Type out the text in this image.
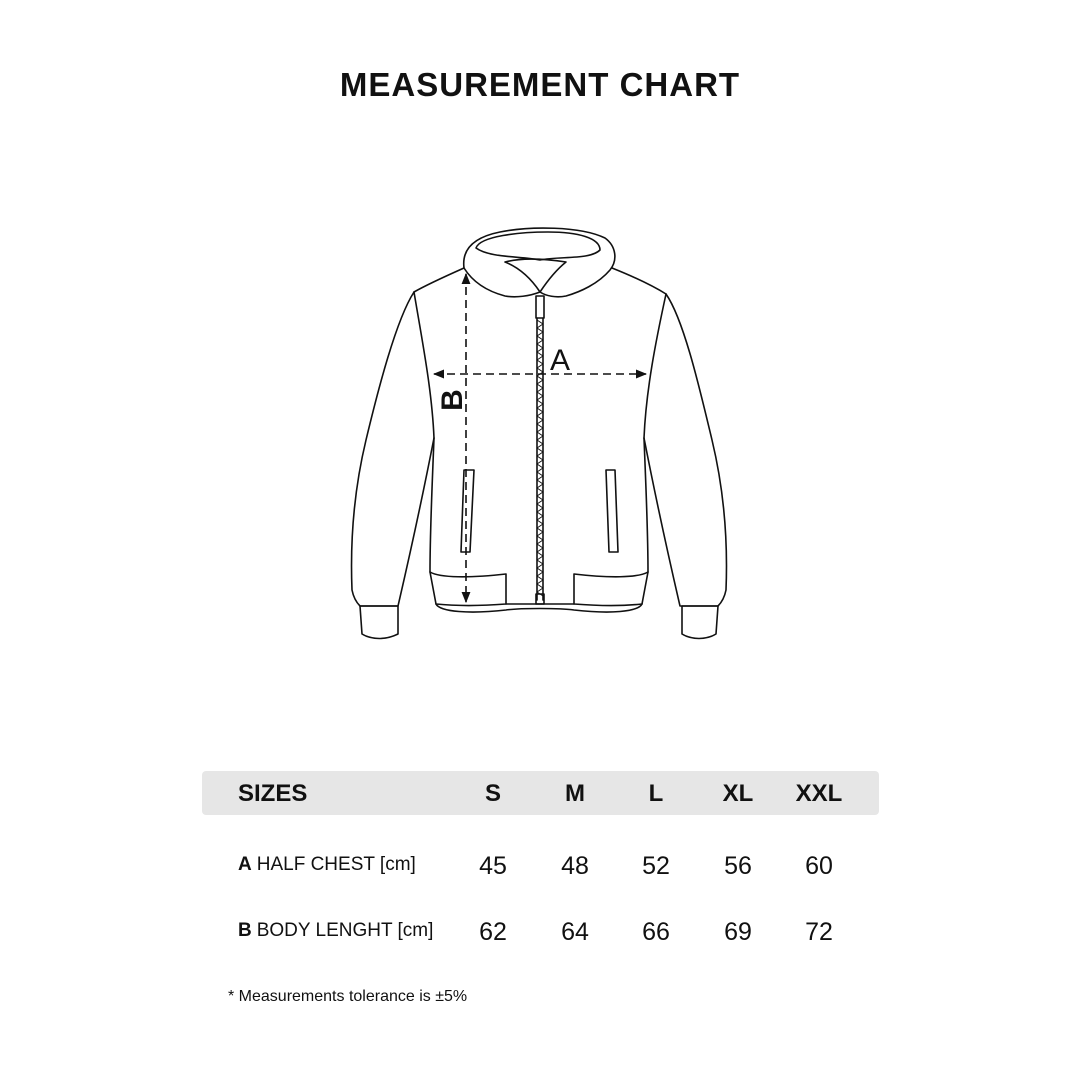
MEASUREMENT CHART
A
B
SIZES	S	M	L	XL	XXL
A HALF CHEST [cm]	45	48	52	56	60
B BODY LENGHT [cm]	62	64	66	69	72
* Measurements tolerance is ±5%
